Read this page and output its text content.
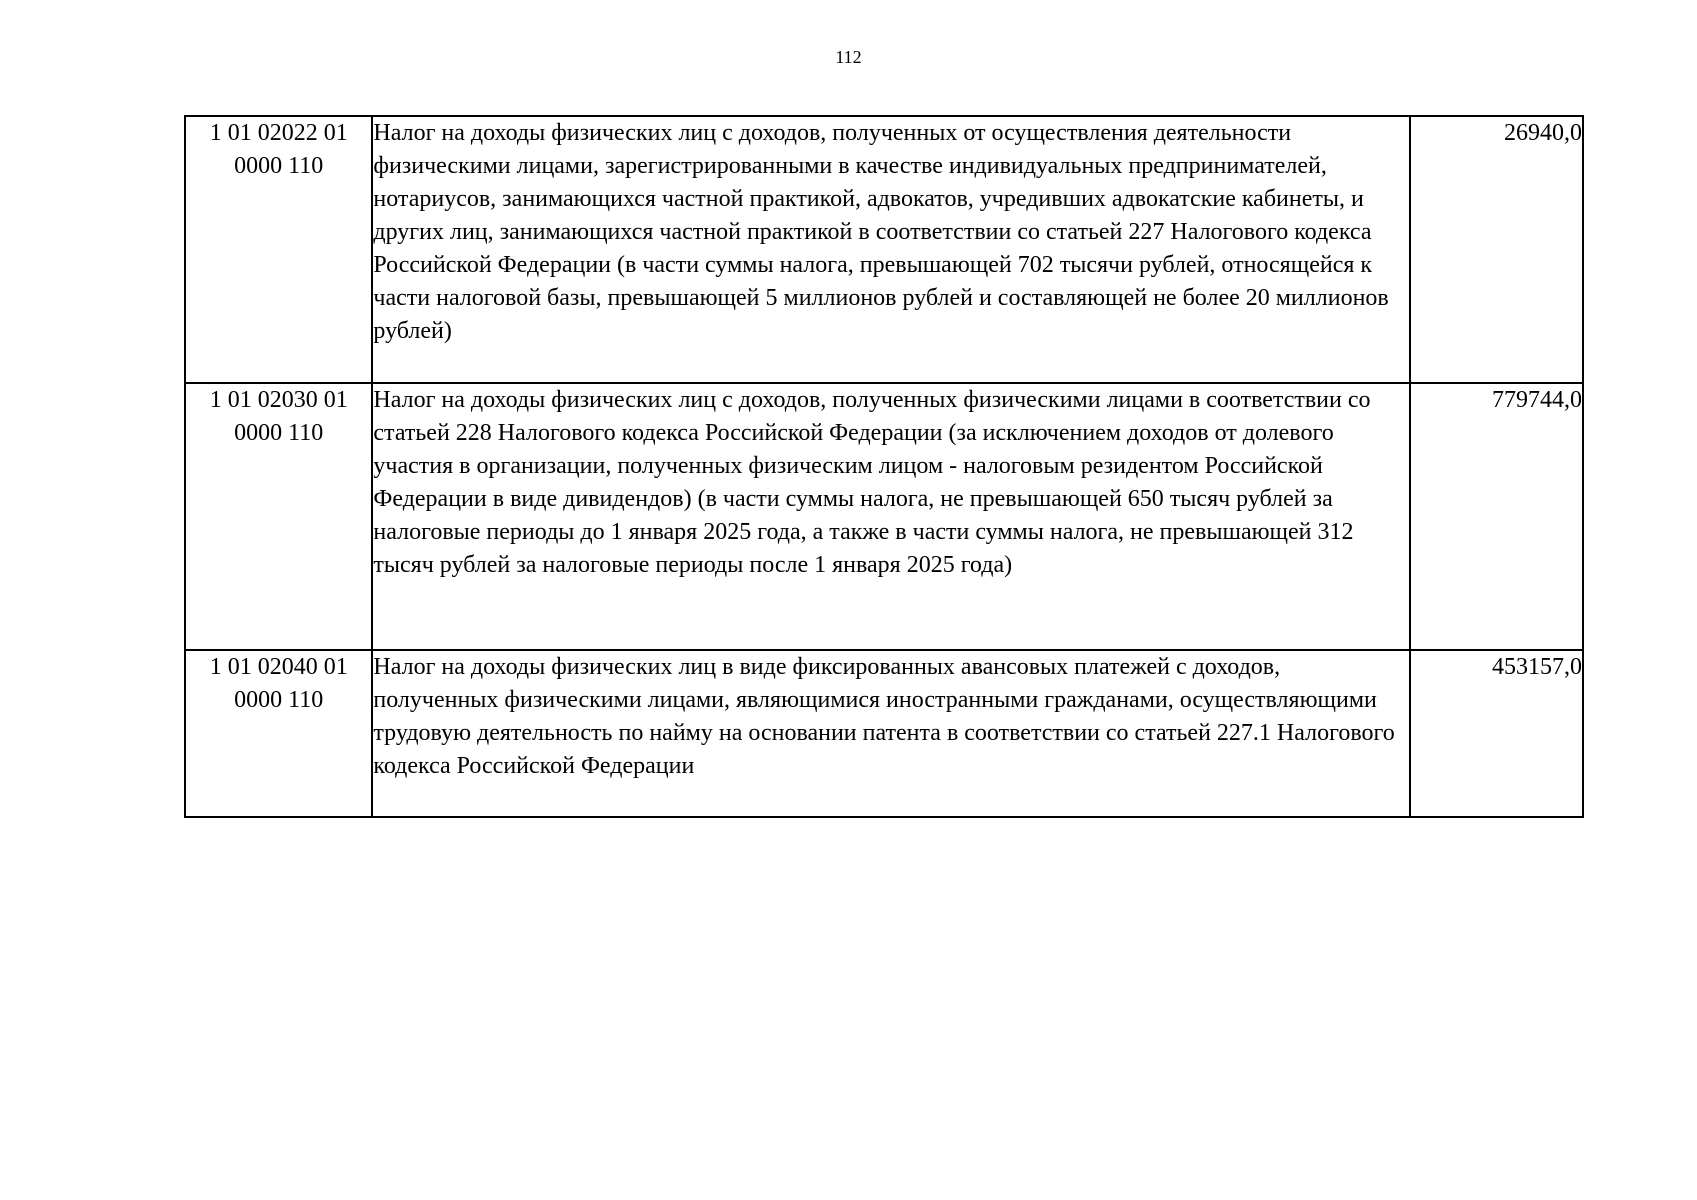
112
1 01 02022 01
0000 110	Налог на доходы физических лиц с доходов, полученных от осуществления деятельности физическими лицами, зарегистрированными в качестве индивидуальных предпринимателей, нотариусов, занимающихся частной практикой, адвокатов, учредивших адвокатские кабинеты, и других лиц, занимающихся частной практикой в соответствии со статьей 227 Налогового кодекса Российской Федерации (в части суммы налога, превышающей 702 тысячи рублей, относящейся к части налоговой базы, превышающей 5 миллионов рублей и составляющей не более 20 миллионов рублей)	26940,0

1 01 02030 01
0000 110	Налог на доходы физических лиц с доходов, полученных физическими лицами в соответствии со статьей 228 Налогового кодекса Российской Федерации (за исключением доходов от долевого участия в организации, полученных физическим лицом - налоговым резидентом Российской Федерации в виде дивидендов) (в части суммы налога, не превышающей 650 тысяч рублей за налоговые периоды до 1 января 2025 года, а также в части суммы налога, не превышающей 312 тысяч рублей за налоговые периоды после 1 января 2025 года)	779744,0

1 01 02040 01
0000 110	Налог на доходы физических лиц в виде фиксированных авансовых платежей с доходов, полученных физическими лицами, являющимися иностранными гражданами, осуществляющими трудовую деятельность по найму на основании патента в соответствии со статьей 227.1 Налогового кодекса Российской Федерации	453157,0
